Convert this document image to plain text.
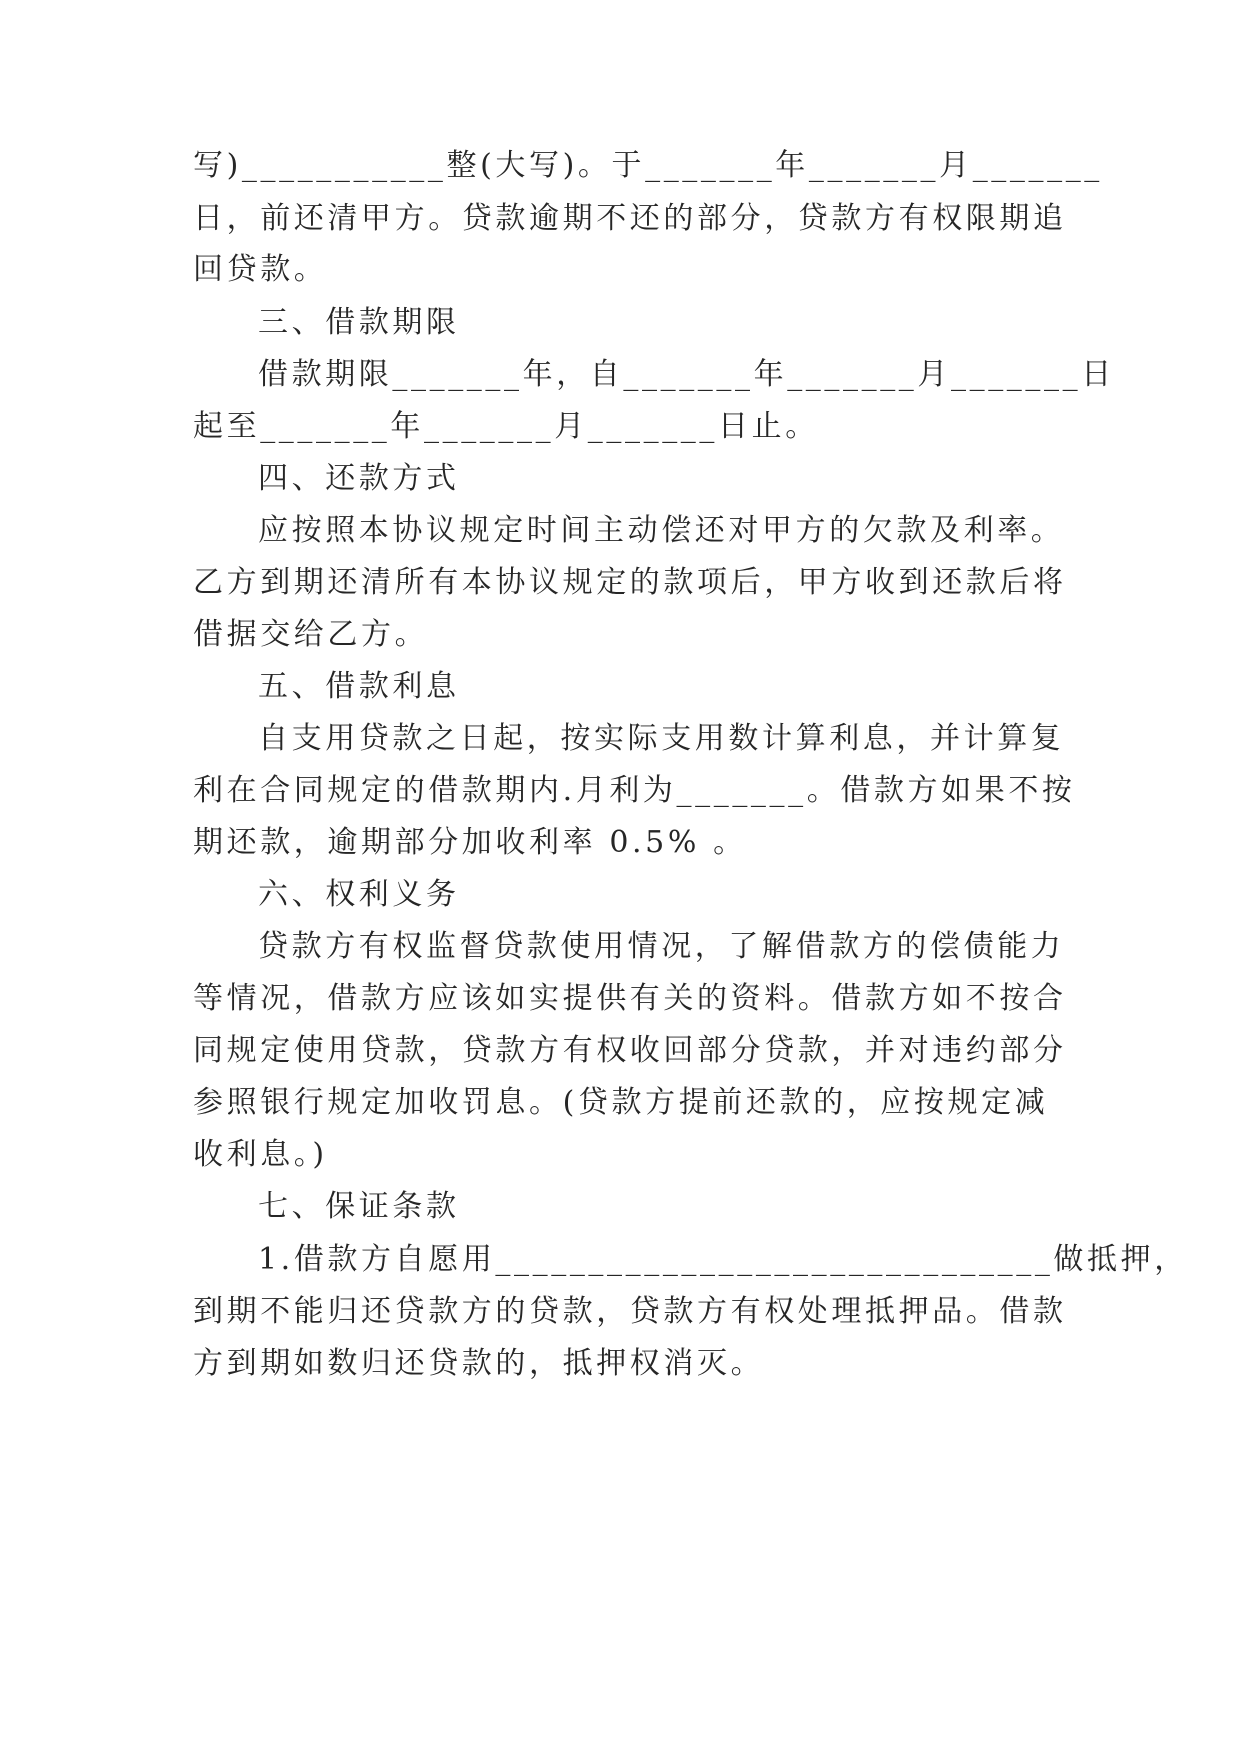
写)___________整(大写)。于_______年_______月_______
日，前还清甲方。贷款逾期不还的部分，贷款方有权限期追
回贷款。
三、借款期限
借款期限_______年，自_______年_______月_______日
起至_______年_______月_______日止。
四、还款方式
应按照本协议规定时间主动偿还对甲方的欠款及利率。
乙方到期还清所有本协议规定的款项后，甲方收到还款后将
借据交给乙方。
五、借款利息
自支用贷款之日起，按实际支用数计算利息，并计算复
利在合同规定的借款期内.月利为_______。借款方如果不按
期还款，逾期部分加收利率 0.5% 。
六、权利义务
贷款方有权监督贷款使用情况，了解借款方的偿债能力
等情况，借款方应该如实提供有关的资料。借款方如不按合
同规定使用贷款，贷款方有权收回部分贷款，并对违约部分
参照银行规定加收罚息。(贷款方提前还款的，应按规定减
收利息。)
七、保证条款
1.借款方自愿用______________________________做抵押，
到期不能归还贷款方的贷款，贷款方有权处理抵押品。借款
方到期如数归还贷款的，抵押权消灭。
